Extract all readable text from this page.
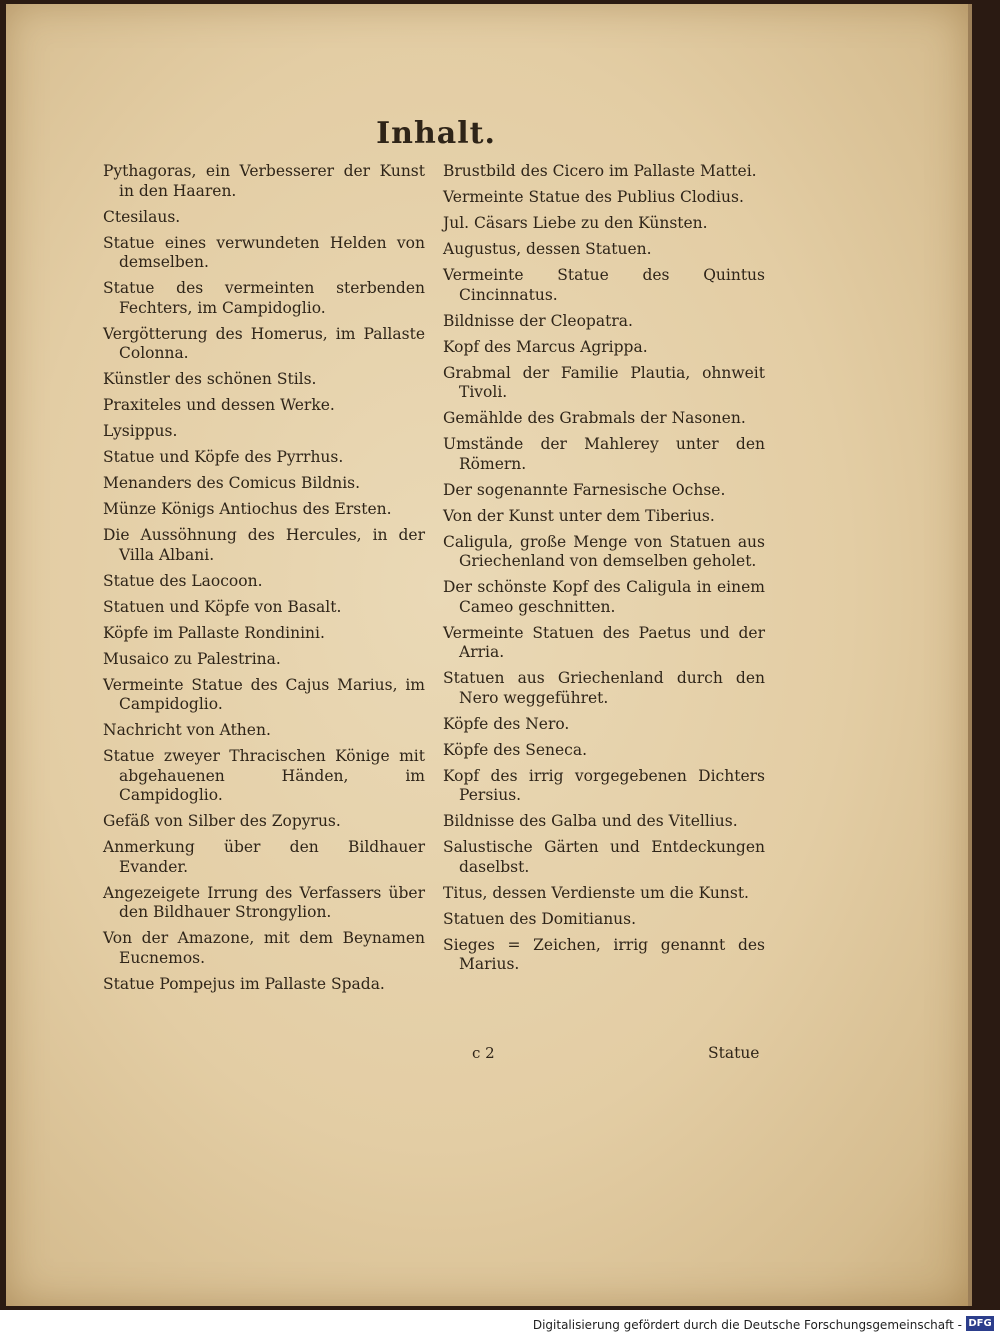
Inhalt.
Pythagoras, ein Verbesserer der Kunst in den Haaren.
Ctesilaus.
Statue eines verwundeten Helden von demselben.
Statue des vermeinten sterbenden Fechters, im Campidoglio.
Vergötterung des Homerus, im Pallaste Colonna.
Künstler des schönen Stils.
Praxiteles und dessen Werke.
Lysippus.
Statue und Köpfe des Pyrrhus.
Menanders des Comicus Bildnis.
Münze Königs Antiochus des Ersten.
Die Aussöhnung des Hercules, in der Villa Albani.
Statue des Laocoon.
Statuen und Köpfe von Basalt.
Köpfe im Pallaste Rondinini.
Musaico zu Palestrina.
Vermeinte Statue des Cajus Marius, im Campidoglio.
Nachricht von Athen.
Statue zweyer Thracischen Könige mit abgehauenen Händen, im Campidoglio.
Gefäß von Silber des Zopyrus.
Anmerkung über den Bildhauer Evander.
Angezeigete Irrung des Verfassers über den Bildhauer Strongylion.
Von der Amazone, mit dem Beynamen Eucnemos.
Statue Pompejus im Pallaste Spada.
Brustbild des Cicero im Pallaste Mattei.
Vermeinte Statue des Publius Clodius.
Jul. Cäsars Liebe zu den Künsten.
Augustus, dessen Statuen.
Vermeinte Statue des Quintus Cincinnatus.
Bildnisse der Cleopatra.
Kopf des Marcus Agrippa.
Grabmal der Familie Plautia, ohnweit Tivoli.
Gemählde des Grabmals der Nasonen.
Umstände der Mahlerey unter den Römern.
Der sogenannte Farnesische Ochse.
Von der Kunst unter dem Tiberius.
Caligula, große Menge von Statuen aus Griechenland von demselben geholet.
Der schönste Kopf des Caligula in einem Cameo geschnitten.
Vermeinte Statuen des Paetus und der Arria.
Statuen aus Griechenland durch den Nero weggeführet.
Köpfe des Nero.
Köpfe des Seneca.
Kopf des irrig vorgegebenen Dichters Persius.
Bildnisse des Galba und des Vitellius.
Salustische Gärten und Entdeckungen daselbst.
Titus, dessen Verdienste um die Kunst.
Statuen des Domitianus.
Sieges = Zeichen, irrig genannt des Marius.
c 2	Statue
Digitalisierung gefördert durch die Deutsche Forschungsgemeinschaft - DFG
